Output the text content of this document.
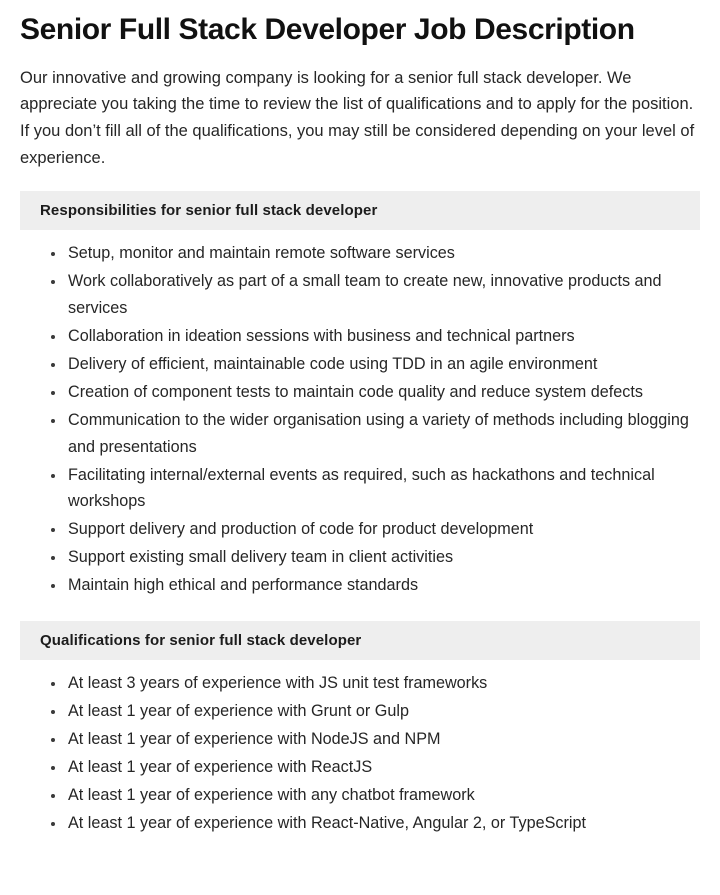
Senior Full Stack Developer Job Description

Our innovative and growing company is looking for a senior full stack developer. We appreciate you taking the time to review the list of qualifications and to apply for the position. If you don’t fill all of the qualifications, you may still be considered depending on your level of experience.

Responsibilities for senior full stack developer
• Setup, monitor and maintain remote software services
• Work collaboratively as part of a small team to create new, innovative products and services
• Collaboration in ideation sessions with business and technical partners
• Delivery of efficient, maintainable code using TDD in an agile environment
• Creation of component tests to maintain code quality and reduce system defects
• Communication to the wider organisation using a variety of methods including blogging and presentations
• Facilitating internal/external events as required, such as hackathons and technical workshops
• Support delivery and production of code for product development
• Support existing small delivery team in client activities
• Maintain high ethical and performance standards
Qualifications for senior full stack developer
• At least 3 years of experience with JS unit test frameworks
• At least 1 year of experience with Grunt or Gulp
• At least 1 year of experience with NodeJS and NPM
• At least 1 year of experience with ReactJS
• At least 1 year of experience with any chatbot framework
• At least 1 year of experience with React-Native, Angular 2, or TypeScript
